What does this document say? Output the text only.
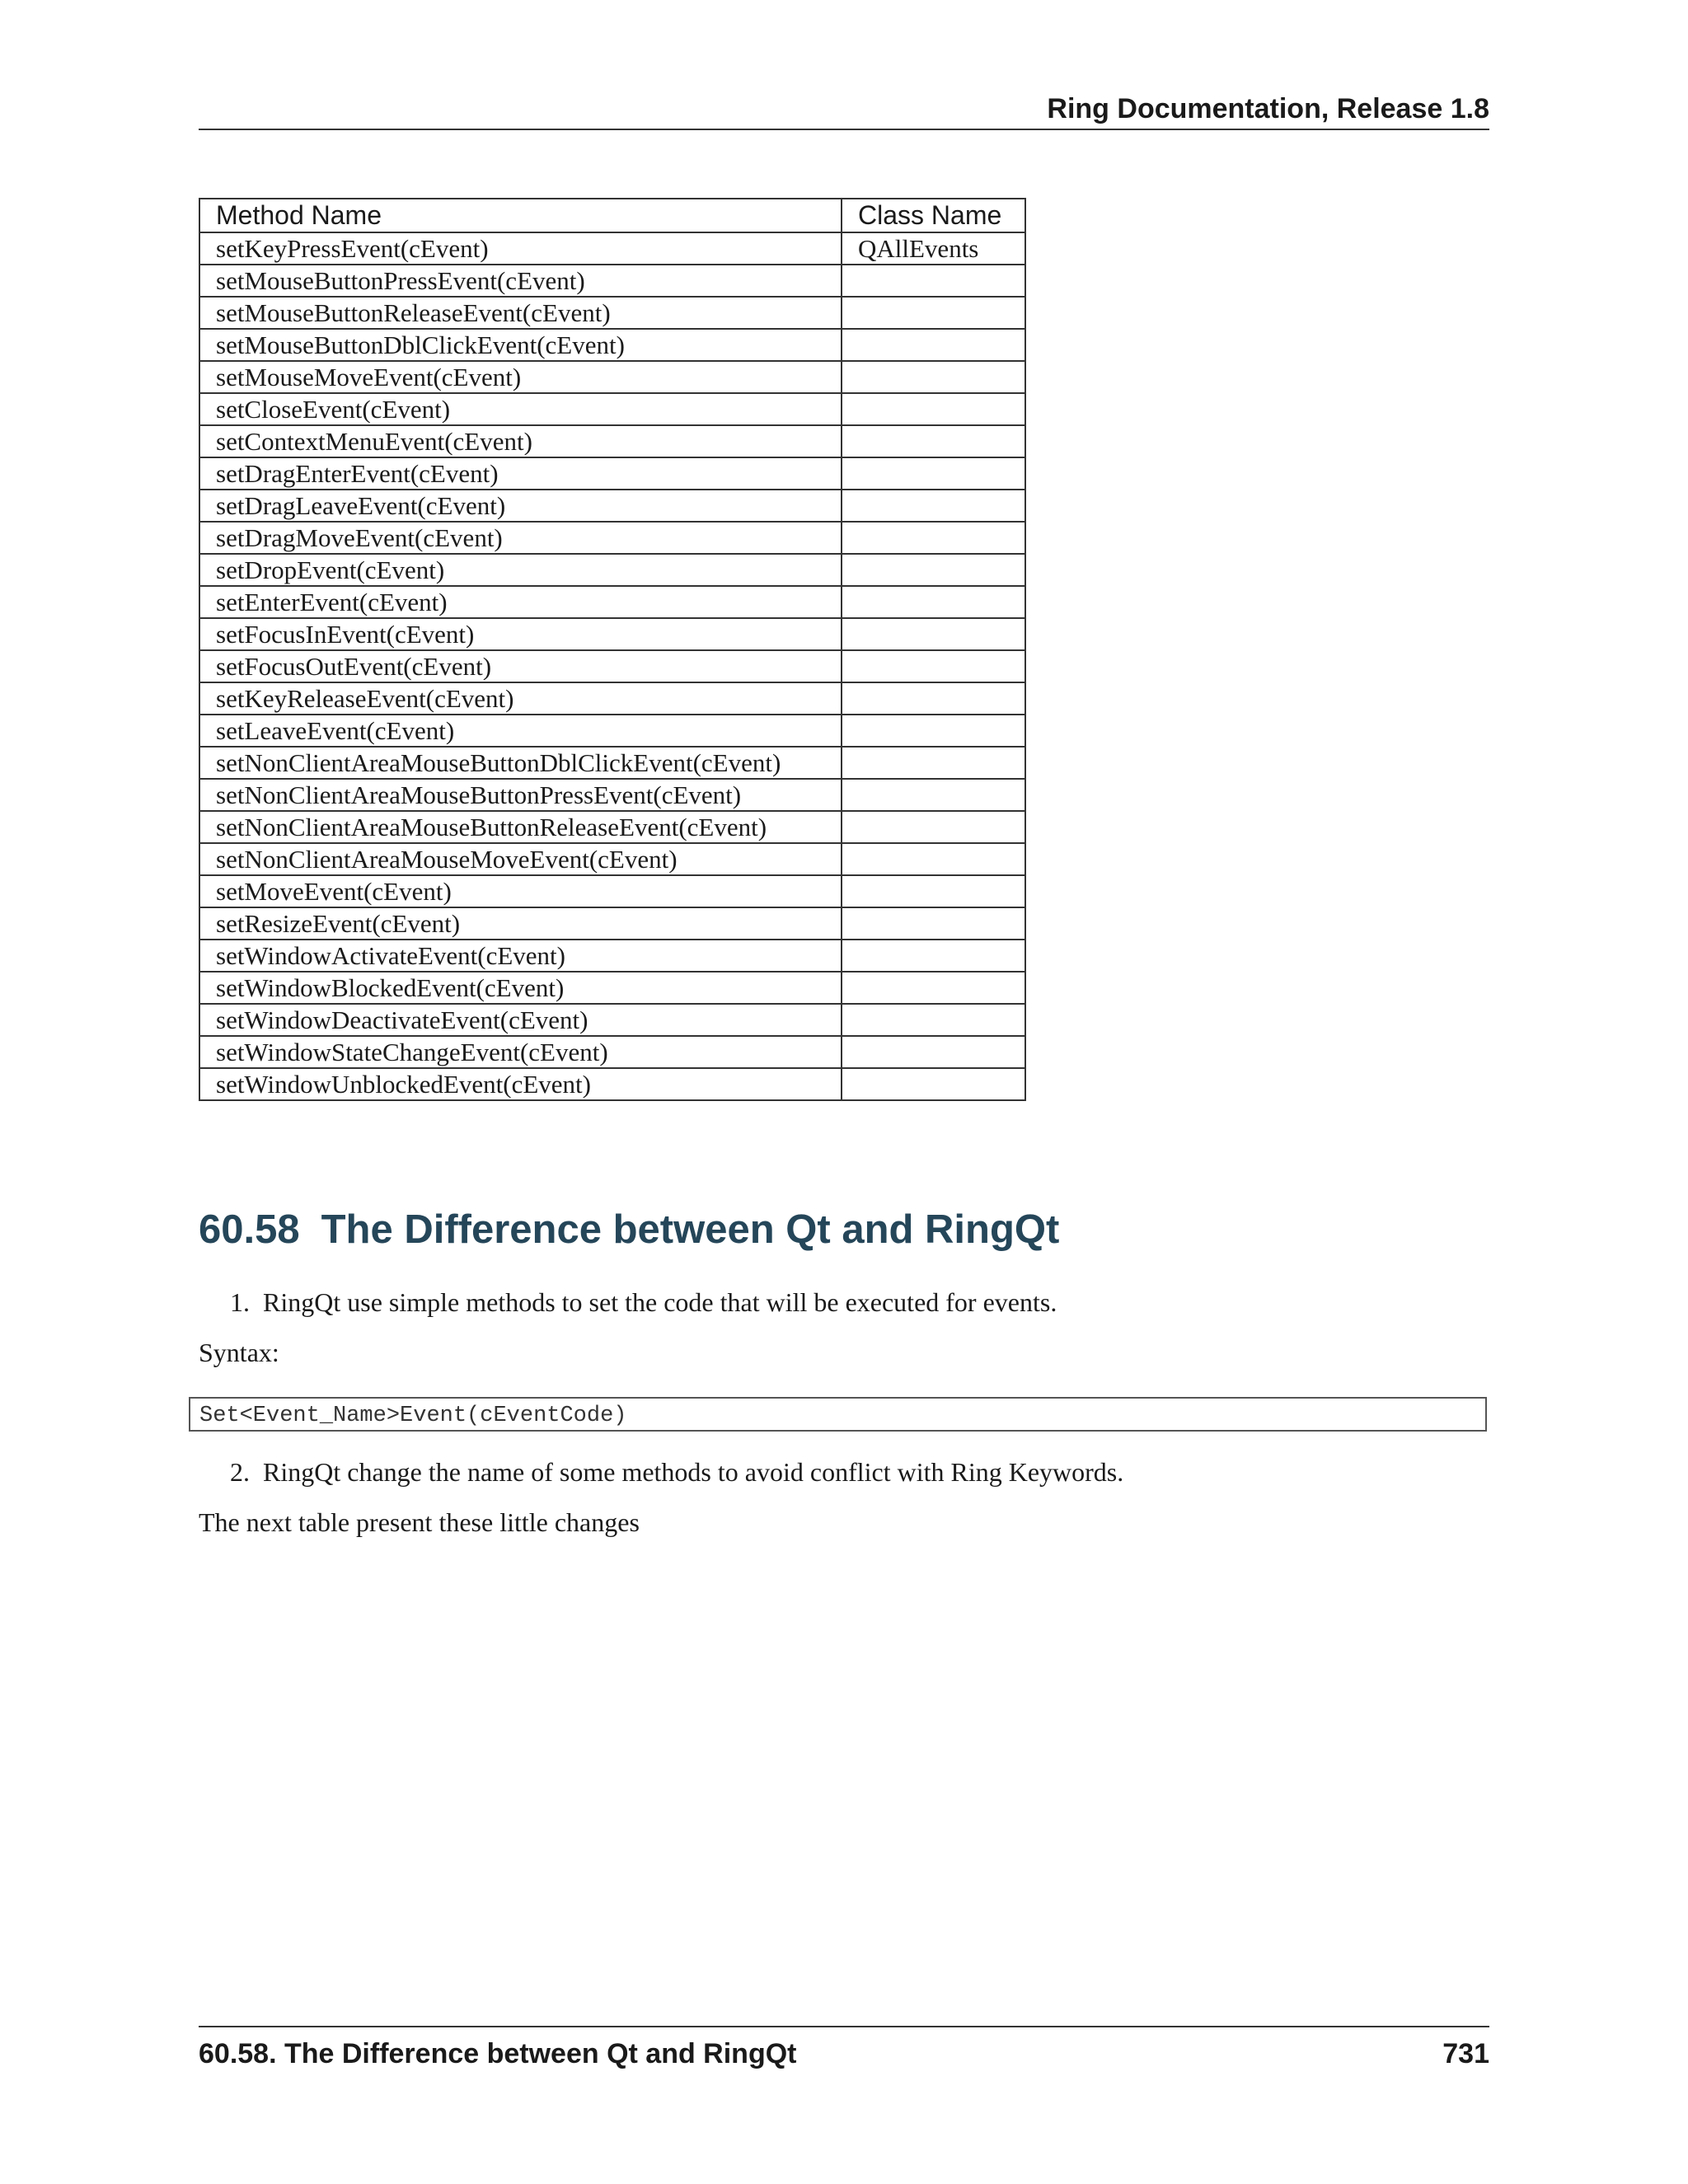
Ring Documentation, Release 1.8
Method Name	Class Name
setKeyPressEvent(cEvent)	QAllEvents
setMouseButtonPressEvent(cEvent)	
setMouseButtonReleaseEvent(cEvent)	
setMouseButtonDblClickEvent(cEvent)	
setMouseMoveEvent(cEvent)	
setCloseEvent(cEvent)	
setContextMenuEvent(cEvent)	
setDragEnterEvent(cEvent)	
setDragLeaveEvent(cEvent)	
setDragMoveEvent(cEvent)	
setDropEvent(cEvent)	
setEnterEvent(cEvent)	
setFocusInEvent(cEvent)	
setFocusOutEvent(cEvent)	
setKeyReleaseEvent(cEvent)	
setLeaveEvent(cEvent)	
setNonClientAreaMouseButtonDblClickEvent(cEvent)	
setNonClientAreaMouseButtonPressEvent(cEvent)	
setNonClientAreaMouseButtonReleaseEvent(cEvent)	
setNonClientAreaMouseMoveEvent(cEvent)	
setMoveEvent(cEvent)	
setResizeEvent(cEvent)	
setWindowActivateEvent(cEvent)	
setWindowBlockedEvent(cEvent)	
setWindowDeactivateEvent(cEvent)	
setWindowStateChangeEvent(cEvent)	
setWindowUnblockedEvent(cEvent)	
60.58 The Difference between Qt and RingQt

1. RingQt use simple methods to set the code that will be executed for events.

Syntax:

Set<Event_Name>Event(cEventCode)

2. RingQt change the name of some methods to avoid conflict with Ring Keywords.

The next table present these little changes

60.58. The Difference between Qt and RingQt	731
